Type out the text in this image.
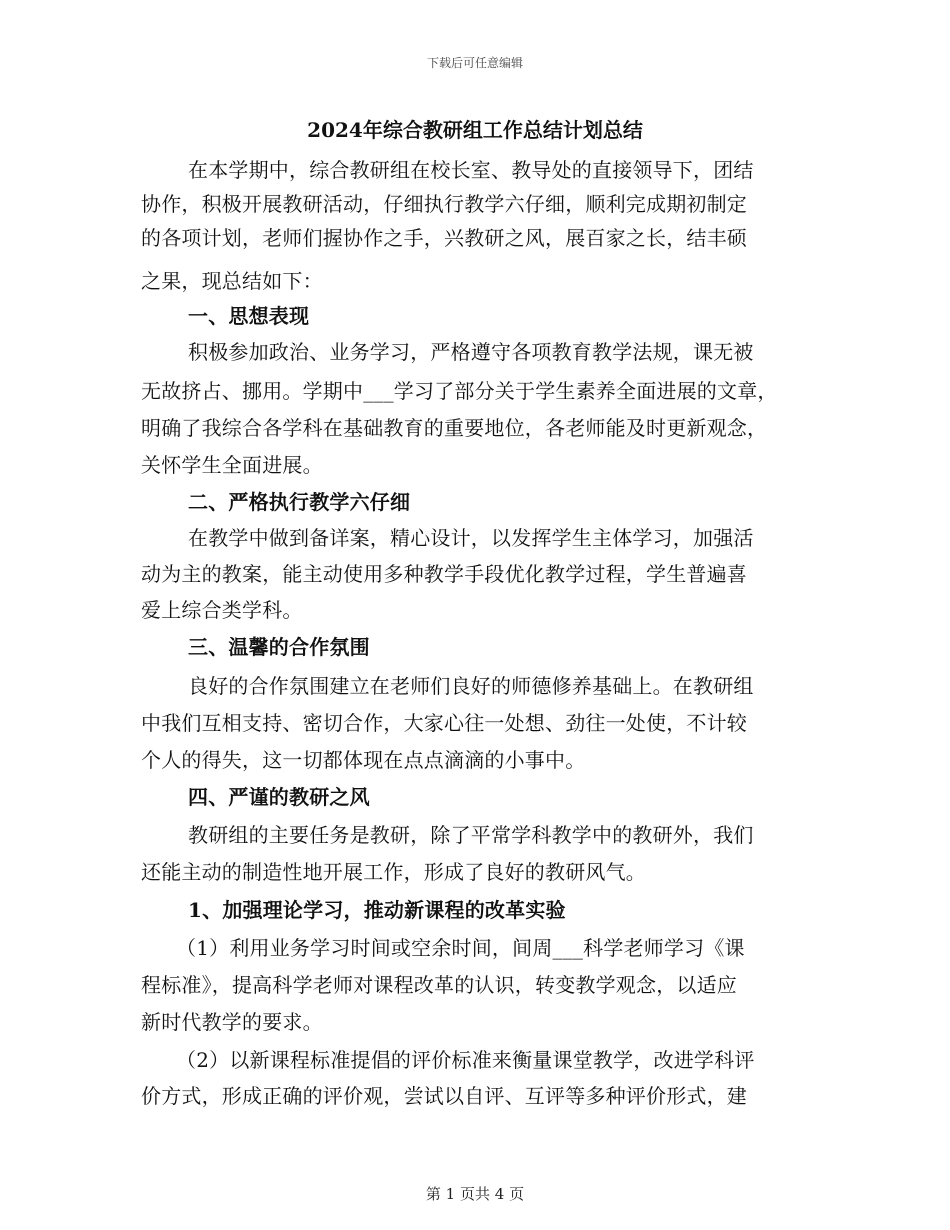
下载后可任意编辑
2024年综合教研组工作总结计划总结
在本学期中，综合教研组在校长室、教导处的直接领导下，团结
协作，积极开展教研活动，仔细执行教学六仔细，顺利完成期初制定
的各项计划，老师们握协作之手，兴教研之风，展百家之长，结丰硕
之果，现总结如下：
一、思想表现
积极参加政治、业务学习，严格遵守各项教育教学法规，课无被
无故挤占、挪用。学期中___学习了部分关于学生素养全面进展的文章，
明确了我综合各学科在基础教育的重要地位，各老师能及时更新观念，
关怀学生全面进展。
二、严格执行教学六仔细
在教学中做到备详案，精心设计，以发挥学生主体学习，加强活
动为主的教案，能主动使用多种教学手段优化教学过程，学生普遍喜
爱上综合类学科。
三、温馨的合作氛围
良好的合作氛围建立在老师们良好的师德修养基础上。在教研组
中我们互相支持、密切合作，大家心往一处想、劲往一处使，不计较
个人的得失，这一切都体现在点点滴滴的小事中。
四、严谨的教研之风
教研组的主要任务是教研，除了平常学科教学中的教研外，我们
还能主动的制造性地开展工作，形成了良好的教研风气。
1、加强理论学习，推动新课程的改革实验
（1）利用业务学习时间或空余时间，间周___科学老师学习《课
程标准》，提高科学老师对课程改革的认识，转变教学观念，以适应
新时代教学的要求。
（2）以新课程标准提倡的评价标准来衡量课堂教学，改进学科评
价方式，形成正确的评价观，尝试以自评、互评等多种评价形式，建
第 1 页共 4 页
